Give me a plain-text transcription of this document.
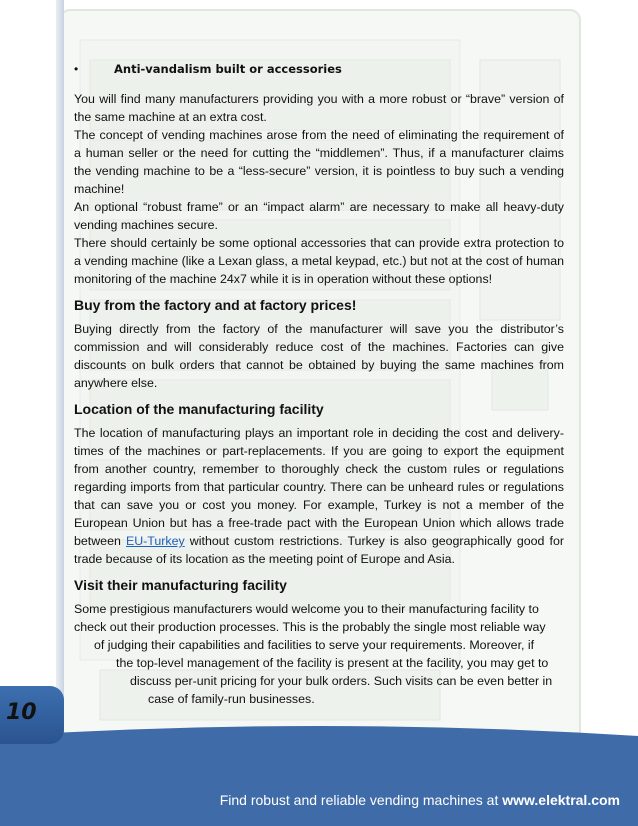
10
Find robust and reliable vending machines at www.elektral.com
•	Anti-vandalism built or accessories

You will find many manufacturers providing you with a more robust or “brave” version of the same machine at an extra cost.

The concept of vending machines arose from the need of eliminating the requirement of a human seller or the need for cutting the “middlemen”. Thus, if a manufacturer claims the vending machine to be a “less-secure” version, it is pointless to buy such a vending machine!

An optional “robust frame” or an “impact alarm” are necessary to make all heavy-duty vending machines secure.

There should certainly be some optional accessories that can provide extra protection to a vending machine (like a Lexan glass, a metal keypad, etc.) but not at the cost of human monitoring of the machine 24x7 while it is in operation without these options!

Buy from the factory and at factory prices!

Buying directly from the factory of the manufacturer will save you the distributor’s commission and will considerably reduce cost of the machines. Factories can give discounts on bulk orders that cannot be obtained by buying the same machines from anywhere else.

Location of the manufacturing facility

The location of manufacturing plays an important role in deciding the cost and delivery-times of the machines or part-replacements. If you are going to export the equipment from another country, remember to thoroughly check the custom rules or regulations regarding imports from that particular country. There can be unheard rules or regulations that can save you or cost you money. For example, Turkey is not a member of the European Union but has a free-trade pact with the European Union which allows trade between EU-Turkey without custom restrictions. Turkey is also geographically good for trade because of its location as the meeting point of Europe and Asia.

Visit their manufacturing facility
Some prestigious manufacturers would welcome you to their manufacturing facility to
check out their production processes. This is the probably the single most reliable way
of judging their capabilities and facilities to serve your requirements. Moreover, if
the top-level management of the facility is present at the facility, you may get to
discuss per-unit pricing for your bulk orders. Such visits can be even better in
case of family-run businesses.
